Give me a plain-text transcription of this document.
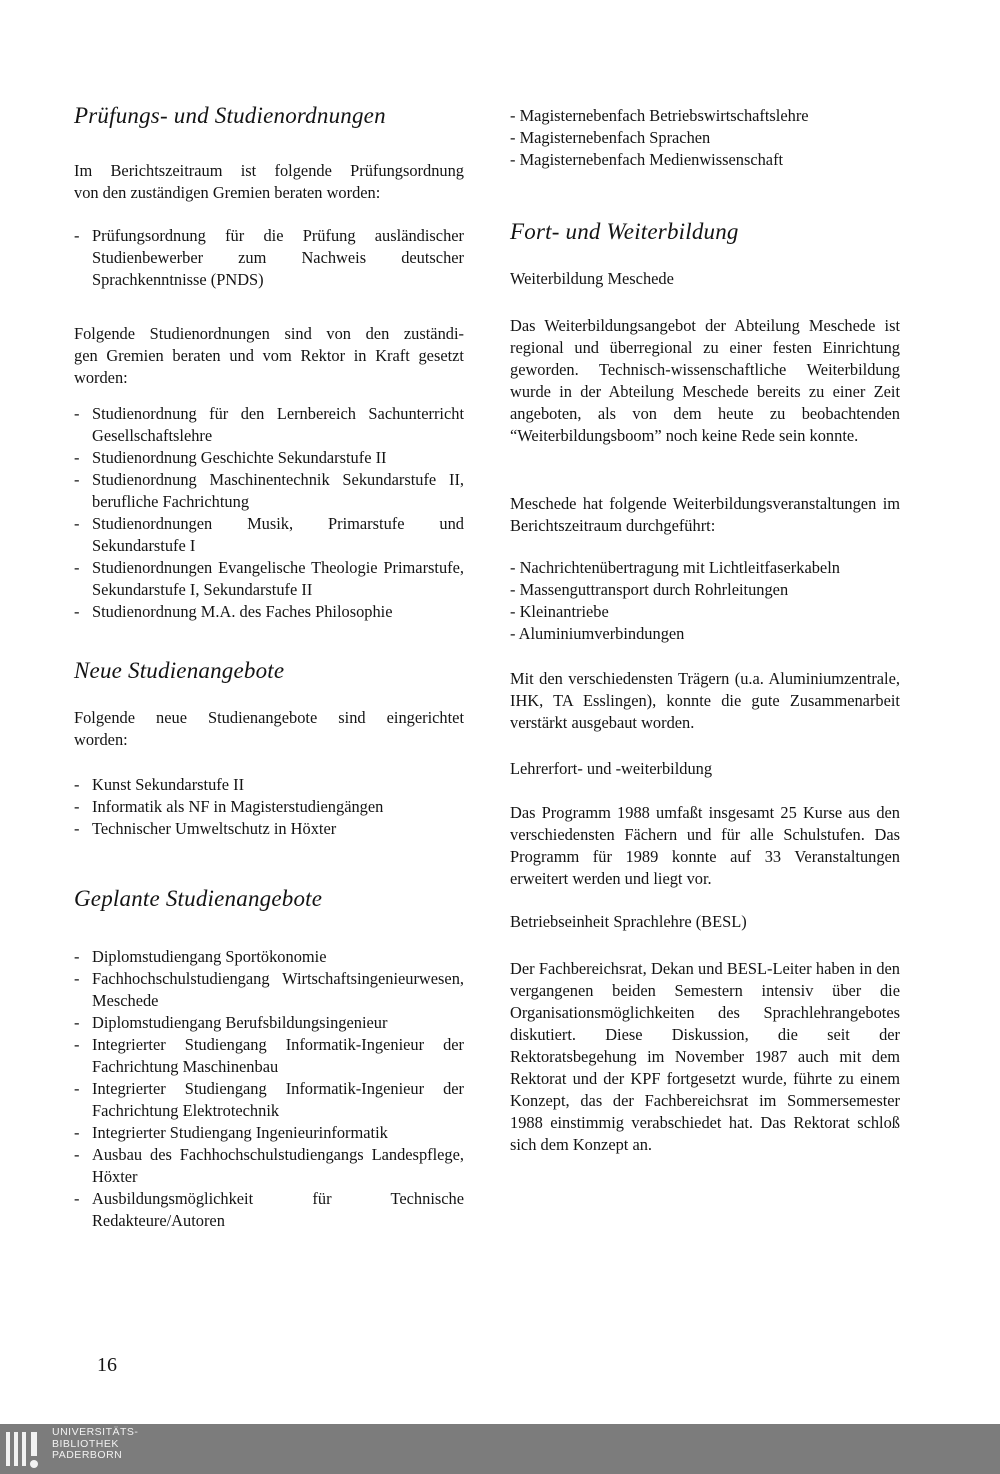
Prüfungs- und Studienordnungen

Im Berichtszeitraum ist folgende Prüfungsordnung
von den zuständigen Gremien beraten worden:

- Prüfungsordnung für die Prüfung ausländischer Studienbewerber zum Nachweis deutscher Sprachkenntnisse (PNDS)

Folgende Studienordnungen sind von den zuständi-
gen Gremien beraten und vom Rektor in Kraft gesetzt
worden:

- Studienordnung für den Lernbereich Sachunterricht Gesellschaftslehre
- Studienordnung Geschichte Sekundarstufe II
- Studienordnung Maschinentechnik Sekundarstufe II, berufliche Fachrichtung
- Studienordnungen Musik, Primarstufe und Sekundarstufe I
- Studienordnungen Evangelische Theologie Primarstufe, Sekundarstufe I, Sekundarstufe II
- Studienordnung M.A. des Faches Philosophie
Neue Studienangebote

Folgende neue Studienangebote sind eingerichtet
worden:

- Kunst Sekundarstufe II
- Informatik als NF in Magisterstudiengängen
- Technischer Umweltschutz in Höxter
Geplante Studienangebote
- Diplomstudiengang Sportökonomie
- Fachhochschulstudiengang Wirtschaftsingenieurwesen, Meschede
- Diplomstudiengang Berufsbildungsingenieur
- Integrierter Studiengang Informatik-Ingenieur der Fachrichtung Maschinenbau
- Integrierter Studiengang Informatik-Ingenieur der Fachrichtung Elektrotechnik
- Integrierter Studiengang Ingenieurinformatik
- Ausbau des Fachhochschulstudiengangs Landespflege, Höxter
- Ausbildungsmöglichkeit für Technische Redakteure/Autoren
- Magisternebenfach Betriebswirtschaftslehre
- Magisternebenfach Sprachen
- Magisternebenfach Medienwissenschaft
Fort- und Weiterbildung

Weiterbildung Meschede

Das Weiterbildungsangebot der Abteilung Meschede ist regional und überregional zu einer festen Einrichtung geworden. Technisch-wissenschaftliche Weiterbildung wurde in der Abteilung Meschede bereits zu einer Zeit angeboten, als von dem heute zu beobachtenden “Weiterbildungsboom” noch keine Rede sein konnte.

Meschede hat folgende Weiterbildungsveranstaltungen im Berichtszeitraum durchgeführt:

- Nachrichtenübertragung mit Lichtleitfaserkabeln
- Massenguttransport durch Rohrleitungen
- Kleinantriebe
- Aluminiumverbindungen

Mit den verschiedensten Trägern (u.a. Aluminiumzentrale, IHK, TA Esslingen), konnte die gute Zusammenarbeit verstärkt ausgebaut worden.

Lehrerfort- und -weiterbildung

Das Programm 1988 umfaßt insgesamt 25 Kurse aus den verschiedensten Fächern und für alle Schulstufen. Das Programm für 1989 konnte auf 33 Veranstaltungen erweitert werden und liegt vor.

Betriebseinheit Sprachlehre (BESL)

Der Fachbereichsrat, Dekan und BESL-Leiter haben in den vergangenen beiden Semestern intensiv über die Organisationsmöglichkeiten des Sprachlehrangebotes diskutiert. Diese Diskussion, die seit der Rektoratsbegehung im November 1987 auch mit dem Rektorat und der KPF fortgesetzt wurde, führte zu einem Konzept, das der Fachbereichsrat im Sommersemester 1988 einstimmig verabschiedet hat. Das Rektorat schloß sich dem Konzept an.

16
UNIVERSITÄTS-
BIBLIOTHEK
PADERBORN
